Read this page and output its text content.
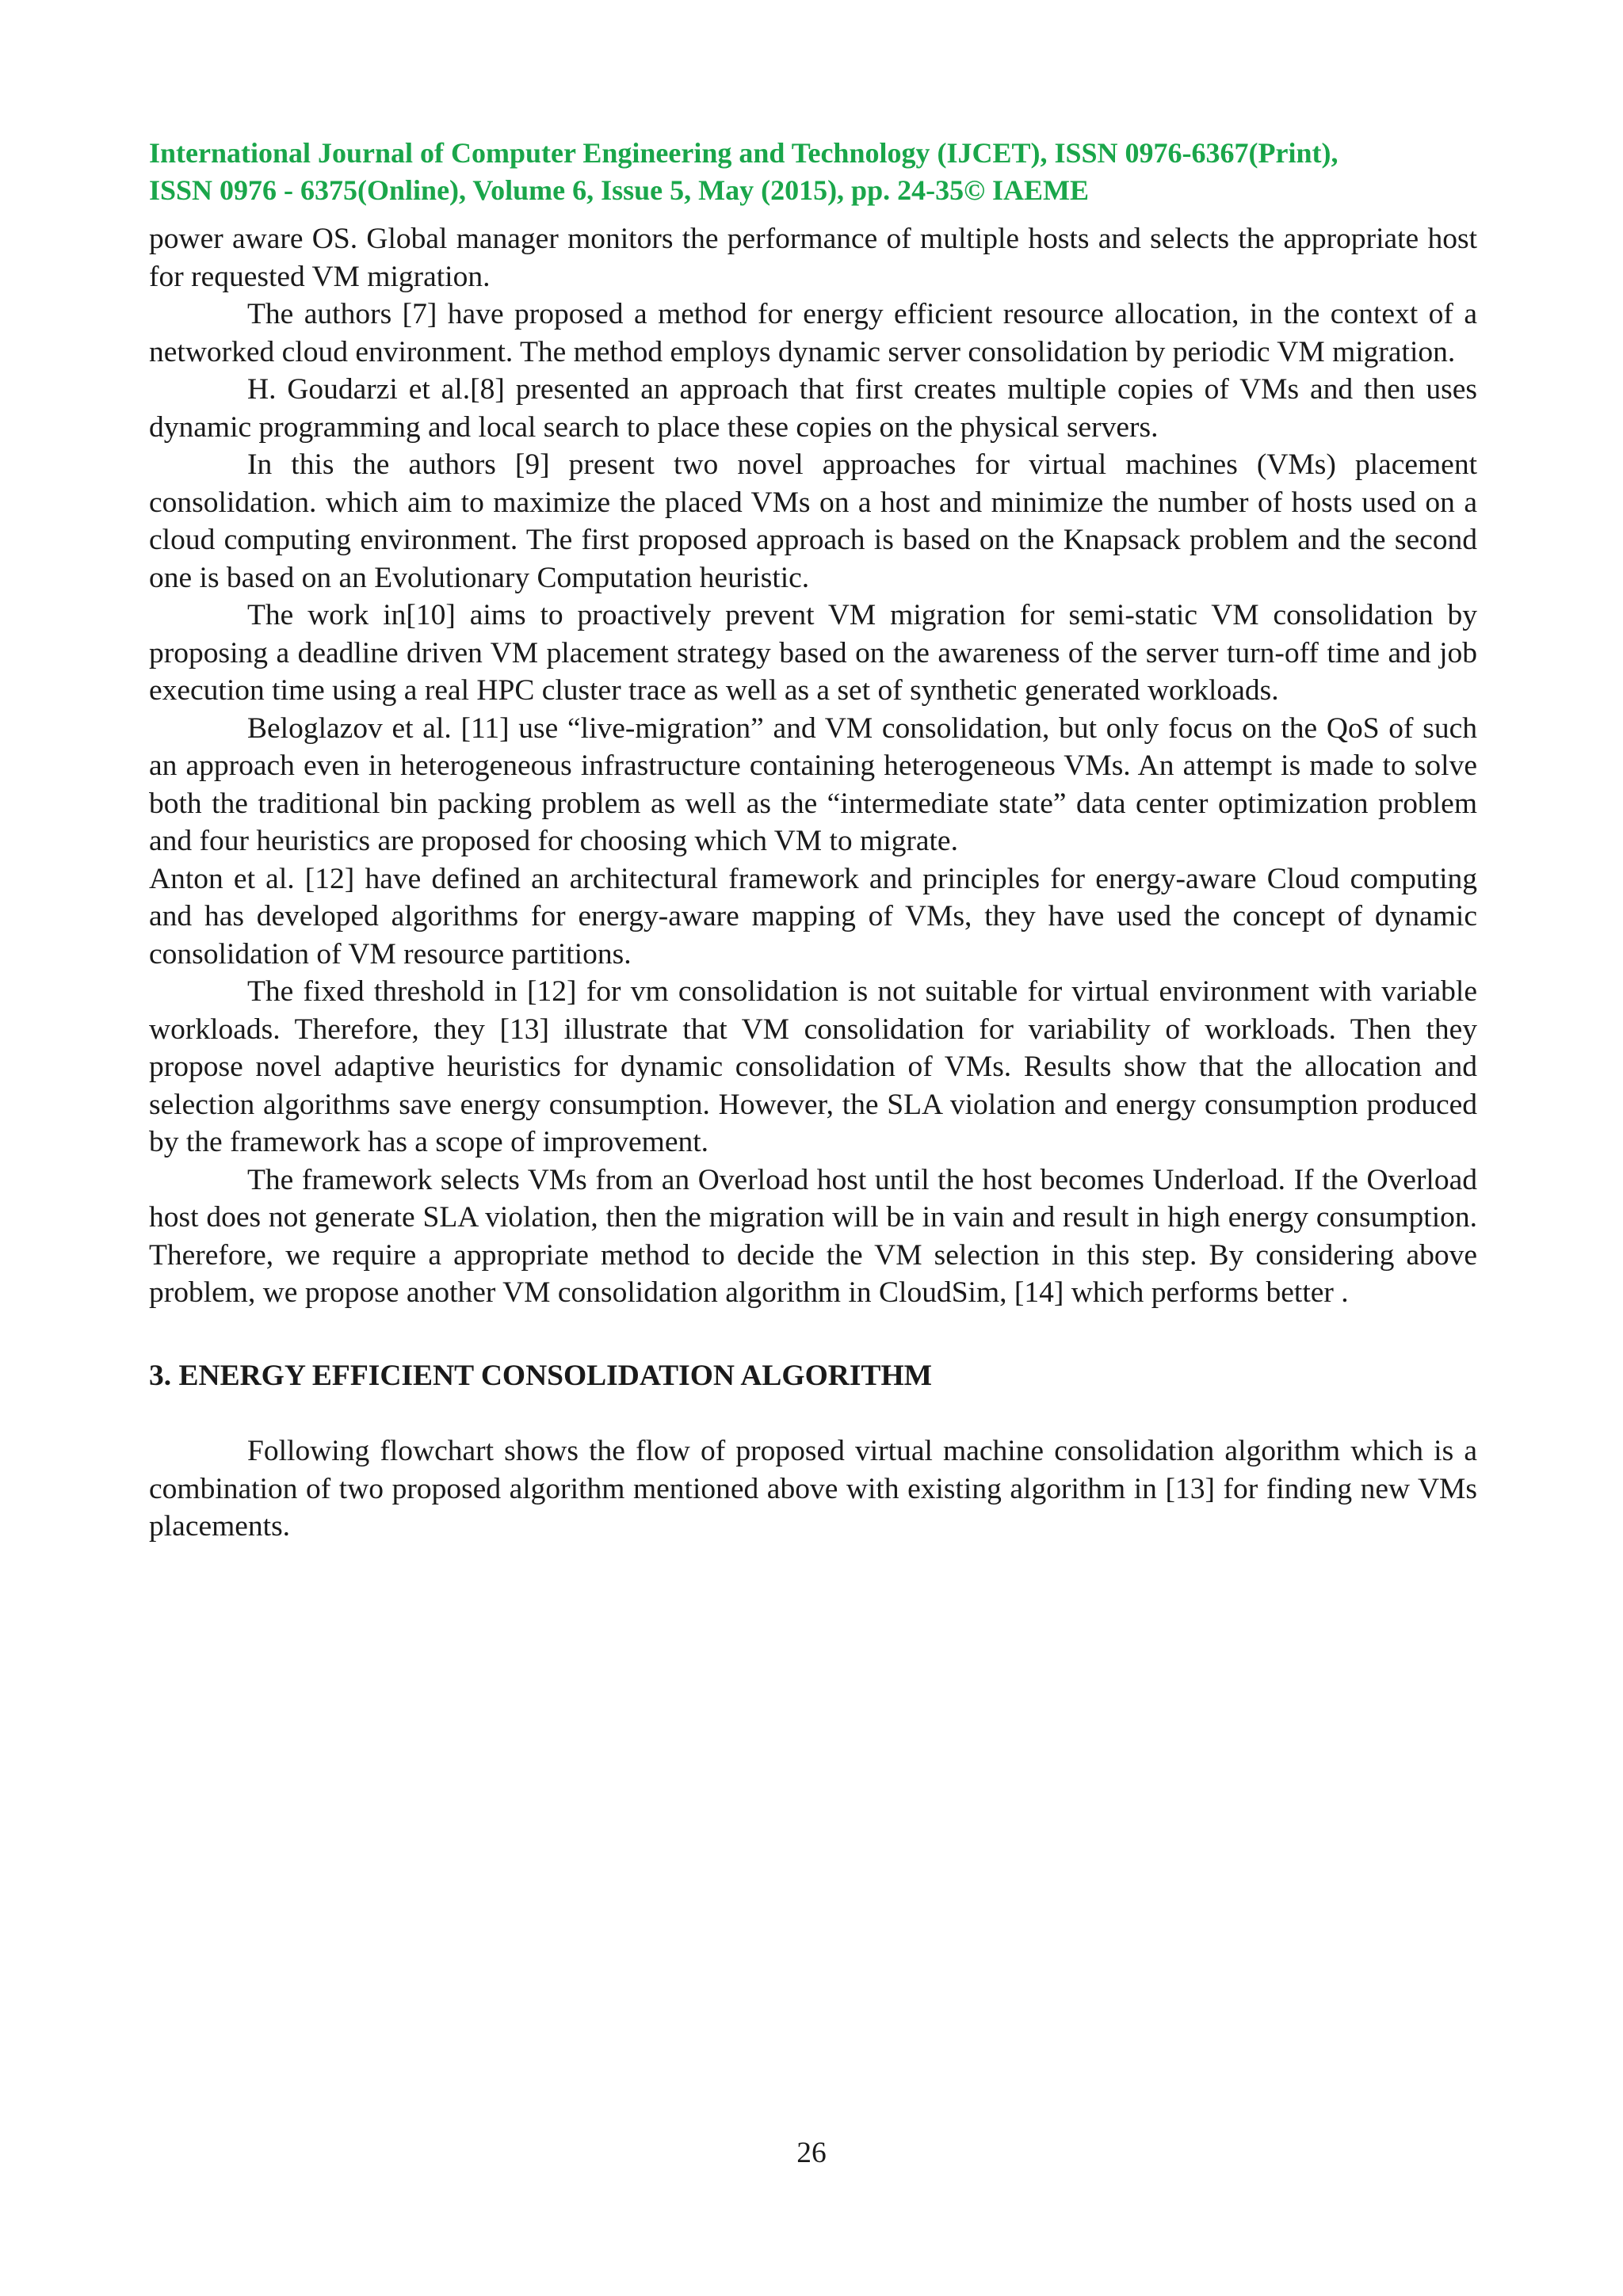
International Journal of Computer Engineering and Technology (IJCET), ISSN 0976-6367(Print),
ISSN 0976 - 6375(Online), Volume 6, Issue 5, May (2015), pp. 24-35© IAEME

power aware OS. Global manager monitors the performance of multiple hosts and selects the appropriate host for requested VM migration.

The authors [7] have proposed a method for energy efficient resource allocation, in the context of a networked cloud environment. The method employs dynamic server consolidation by periodic VM migration.

H. Goudarzi et al.[8] presented an approach that first creates multiple copies of VMs and then uses dynamic programming and local search to place these copies on the physical servers.

In this the authors [9] present two novel approaches for virtual machines (VMs) placement consolidation. which aim to maximize the placed VMs on a host and minimize the number of hosts used on a cloud computing environment. The first proposed approach is based on the Knapsack problem and the second one is based on an Evolutionary Computation heuristic.

The work in[10] aims to proactively prevent VM migration for semi-static VM consolidation by proposing a deadline driven VM placement strategy based on the awareness of the server turn-off time and job execution time using a real HPC cluster trace as well as a set of synthetic generated workloads.

Beloglazov et al. [11] use “live-migration” and VM consolidation, but only focus on the QoS of such an approach even in heterogeneous infrastructure containing heterogeneous VMs. An attempt is made to solve both the traditional bin packing problem as well as the “intermediate state” data center optimization problem and four heuristics are proposed for choosing which VM to migrate.

Anton et al. [12] have defined an architectural framework and principles for energy-aware Cloud computing and has developed algorithms for energy-aware mapping of VMs, they have used the concept of dynamic consolidation of VM resource partitions.

The fixed threshold in [12] for vm consolidation is not suitable for virtual environment with variable workloads. Therefore, they [13] illustrate that VM consolidation for variability of workloads. Then they propose novel adaptive heuristics for dynamic consolidation of VMs. Results show that the allocation and selection algorithms save energy consumption. However, the SLA violation and energy consumption produced by the framework has a scope of improvement.

The framework selects VMs from an Overload host until the host becomes Underload. If the Overload host does not generate SLA violation, then the migration will be in vain and result in high energy consumption. Therefore, we require a appropriate method to decide the VM selection in this step. By considering above problem, we propose another VM consolidation algorithm in CloudSim, [14] which performs better .

3. ENERGY EFFICIENT CONSOLIDATION ALGORITHM

Following flowchart shows the flow of proposed virtual machine consolidation algorithm which is a combination of two proposed algorithm mentioned above with existing algorithm in [13] for finding new VMs placements.

26
